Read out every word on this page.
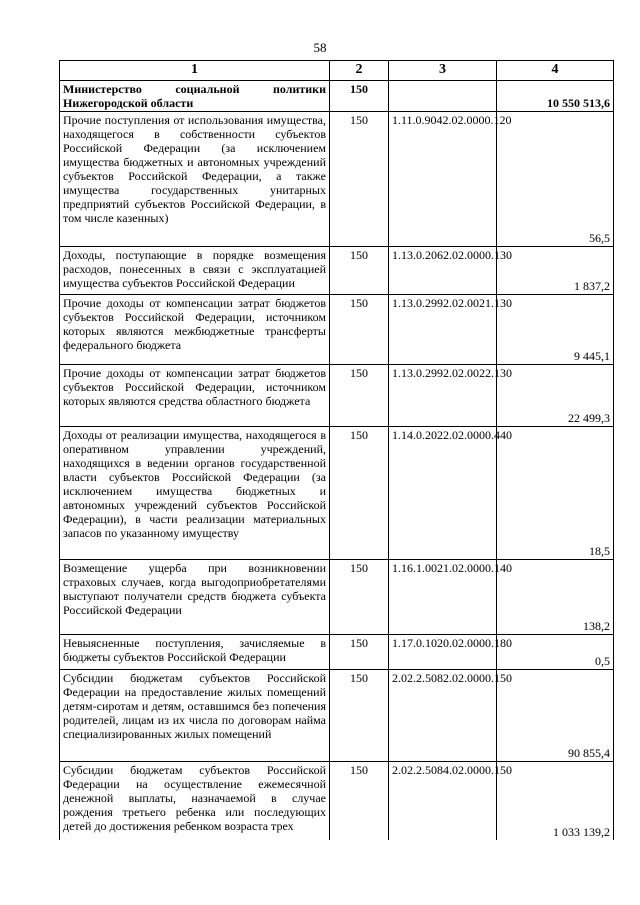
58
1	2	3	4
Министерство социальной политики Нижегородской области	150		10 550 513,6
Прочие поступления от использования имущества, находящегося в собственности субъектов Российской Федерации (за исключением имущества бюджетных и автономных учреждений субъектов Российской Федерации, а также имущества государственных унитарных предприятий субъектов Российской Федерации, в том числе казенных)	150	1.11.0.9042.02.0000.120	56,5
Доходы, поступающие в порядке возмещения расходов, понесенных в связи с эксплуатацией имущества субъектов Российской Федерации	150	1.13.0.2062.02.0000.130	1 837,2
Прочие доходы от компенсации затрат бюджетов субъектов Российской Федерации, источником которых являются межбюджетные трансферты федерального бюджета	150	1.13.0.2992.02.0021.130	9 445,1
Прочие доходы от компенсации затрат бюджетов субъектов Российской Федерации, источником которых являются средства областного бюджета	150	1.13.0.2992.02.0022.130	22 499,3
Доходы от реализации имущества, находящегося в оперативном управлении учреждений, находящихся в ведении органов государственной власти субъектов Российской Федерации (за исключением имущества бюджетных и автономных учреждений субъектов Российской Федерации), в части реализации материальных запасов по указанному имуществу	150	1.14.0.2022.02.0000.440	18,5
Возмещение ущерба при возникновении страховых случаев, когда выгодоприобретателями выступают получатели средств бюджета субъекта Российской Федерации	150	1.16.1.0021.02.0000.140	138,2
Невыясненные поступления, зачисляемые в бюджеты субъектов Российской Федерации	150	1.17.0.1020.02.0000.180	0,5
Субсидии бюджетам субъектов Российской Федерации на предоставление жилых помещений детям-сиротам и детям, оставшимся без попечения родителей, лицам из их числа по договорам найма специализированных жилых помещений	150	2.02.2.5082.02.0000.150	90 855,4
Субсидии бюджетам субъектов Российской Федерации на осуществление ежемесячной денежной выплаты, назначаемой в случае рождения третьего ребенка или последующих детей до достижения ребенком возраста трех	150	2.02.2.5084.02.0000.150	1 033 139,2
